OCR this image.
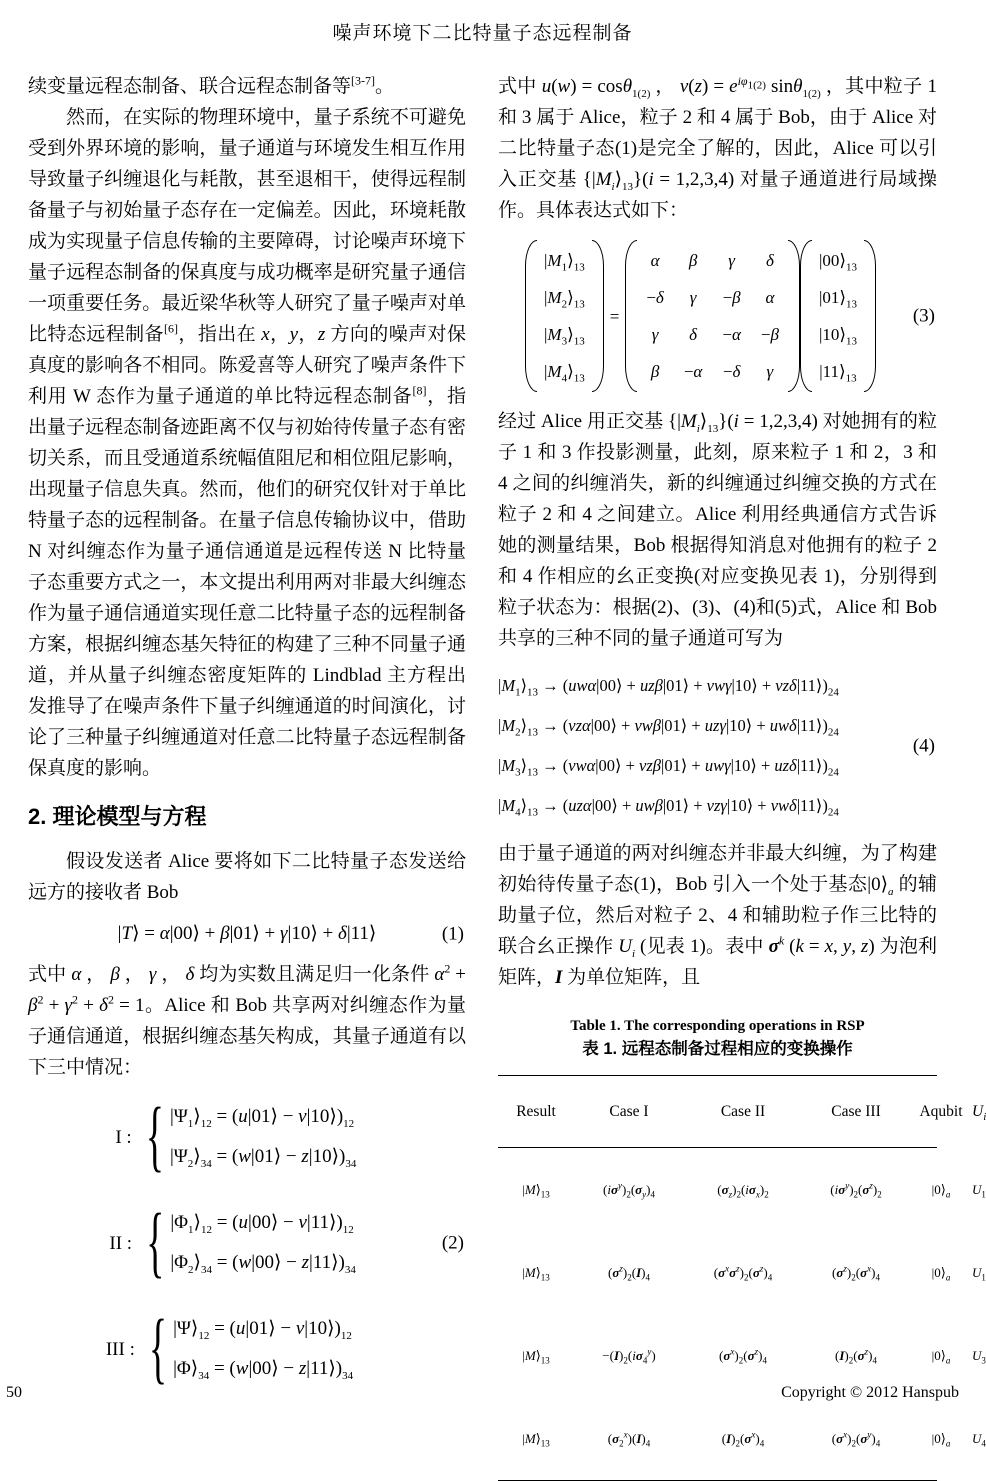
噪声环境下二比特量子态远程制备

续变量远程态制备、联合远程态制备等[3-7]。

然而，在实际的物理环境中，量子系统不可避免受到外界环境的影响，量子通道与环境发生相互作用导致量子纠缠退化与耗散，甚至退相干，使得远程制备量子与初始量子态存在一定偏差。因此，环境耗散成为实现量子信息传输的主要障碍，讨论噪声环境下量子远程态制备的保真度与成功概率是研究量子通信一项重要任务。最近梁华秋等人研究了量子噪声对单比特态远程制备[6]，指出在 x，y，z 方向的噪声对保真度的影响各不相同。陈爱喜等人研究了噪声条件下利用 W 态作为量子通道的单比特远程态制备[8]，指出量子远程态制备迹距离不仅与初始待传量子态有密切关系，而且受通道系统幅值阻尼和相位阻尼影响，出现量子信息失真。然而，他们的研究仅针对于单比特量子态的远程制备。在量子信息传输协议中，借助 N 对纠缠态作为量子通信通道是远程传送 N 比特量子态重要方式之一，本文提出利用两对非最大纠缠态作为量子通信通道实现任意二比特量子态的远程制备方案，根据纠缠态基矢特征的构建了三种不同量子通道，并从量子纠缠态密度矩阵的 Lindblad 主方程出发推导了在噪声条件下量子纠缠通道的时间演化，讨论了三种量子纠缠通道对任意二比特量子态远程制备保真度的影响。

2. 理论模型与方程

假设发送者 Alice 要将如下二比特量子态发送给远方的接收者 Bob

|T⟩ = α|00⟩ + β|01⟩ + γ|10⟩ + δ|11⟩	(1)

式中 α ， β ， γ ， δ 均为实数且满足归一化条件 $\alpha^2 + \beta^2 + \gamma^2 + \delta^2 = 1$。Alice 和 Bob 共享两对纠缠态作为量子通信通道，根据纠缠态基矢构成，其量子通道有以下三中情况：

I : { $|\Psi_1⟩_{12}$ = (u|01⟩ − $v|10⟩)_{12}$
$|\Psi_2⟩_{34}$ = (w|01⟩ − $z|10⟩)_{34}$
II : { $|\Phi_1⟩_{12}$ = (u|00⟩ − $v|11⟩)_{12}$
$|\Phi_2⟩_{34}$ = (w|00⟩ − $z|11⟩)_{34}$
III : { $|\Psi⟩_{12}$ = (u|01⟩ − $v|10⟩)_{12}$
$|\Phi⟩_{34}$ = (w|00⟩ − $z|11⟩)_{34}$
(2)

式中 u(w) = cosθ$_{1(2)}$ ， $v(z) = e^{i\varphi_{1(2)}}$ sinθ$_{1(2)}$ ，其中粒子 1 和 3 属于 Alice，粒子 2 和 4 属于 Bob，由于 Alice 对二比特量子态(1)是完全了解的，因此，Alice 可以引入正交基 $\{|M_i⟩_{13}\}(i = 1,2,3,4)$ 对量子通道进行局域操作。具体表达式如下：

$|M_1⟩_{13}$
$|M_2⟩_{13}$
$|M_3⟩_{13}$
$|M_4⟩_{13}$
=
α β	γ	δ
−δ	γ	−β α
γ	δ	−α −β
β −α −δ	γ
$|00⟩_{13}$
$|01⟩_{13}$
$|10⟩_{13}$
$|11⟩_{13}$
(3)

经过 Alice 用正交基 $\{|M_i⟩_{13}\}(i = 1,2,3,4)$ 对她拥有的粒子 1 和 3 作投影测量，此刻，原来粒子 1 和 2，3 和 4 之间的纠缠消失，新的纠缠通过纠缠交换的方式在粒子 2 和 4 之间建立。Alice 利用经典通信方式告诉她的测量结果，Bob 根据得知消息对他拥有的粒子 2 和 4 作相应的幺正变换(对应变换见表 1)，分别得到粒子状态为：根据(2)、(3)、(4)和(5)式，Alice 和 Bob 共享的三种不同的量子通道可写为

$|M_1⟩_{13}$ → (uwα|00⟩ + uzβ|01⟩ + vwγ|10⟩ + $vz\delta|11⟩)_{24}$
$|M_2⟩_{13}$ → (vzα|00⟩ + vwβ|01⟩ + uzγ|10⟩ + $uw\delta|11⟩)_{24}$
$|M_3⟩_{13}$ → (vwα|00⟩ + vzβ|01⟩ + uwγ|10⟩ + $uz\delta|11⟩)_{24}$
$|M_4⟩_{13}$ → (uzα|00⟩ + uwβ|01⟩ + vzγ|10⟩ + $vw\delta|11⟩)_{24}$
(4)

由于量子通道的两对纠缠态并非最大纠缠，为了构建初始待传量子态(1)，Bob 引入一个处于基态$|0⟩_a$ 的辅助量子位，然后对粒子 2、4 和辅助粒子作三比特的联合幺正操作 $U_i$ (见表 1)。表中 $\sigma^k$ (k = x, y, z) 为泡利矩阵，I 为单位矩阵，且

Table 1. The corresponding operations in RSP
表 1. 远程态制备过程相应的变换操作
Result	Case I	Case II	Case III	Aqubit $U_i$
$|M⟩_{13}$	$(i\sigma^y)_2(\sigma_y)_4$	$(\sigma_z)_2(i\sigma_x)_2$	$(i\sigma^y)_2(\sigma^z)_2$	$|0⟩_a$	$U_1$
$|M⟩_{13}$	$(\sigma^z)_2(I)_4$	$(\sigma^x\sigma^z)_2(\sigma^z)_4$	$(\sigma^z)_2(\sigma^x)_4$	$|0⟩_a$	$U_1$
$|M⟩_{13}$	$-(I)_2(i\sigma_4^y)$	$(\sigma^x)_2(\sigma^z)_4$	$(I)_2(\sigma^z)_4$	$|0⟩_a$	$U_3$
$|M⟩_{13}$	$(\sigma_2^x)(I)_4$	$(I)_2(\sigma^x)_4$	$(\sigma^x)_2(\sigma^y)_4$	$|0⟩_a$	$U_4$
50	Copyright © 2012 Hanspub
